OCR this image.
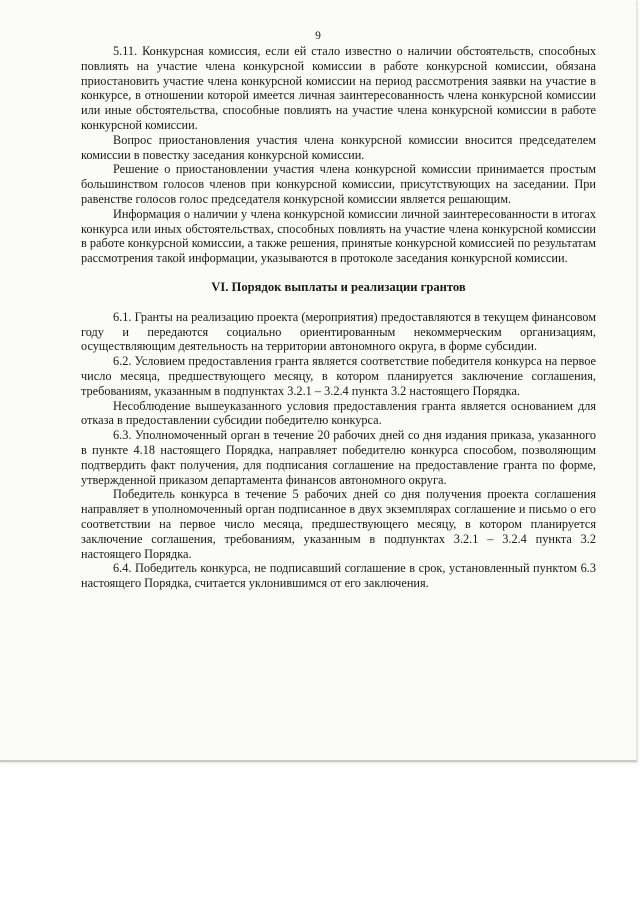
9

5.11. Конкурсная комиссия, если ей стало известно о наличии обстоятельств, способных повлиять на участие члена конкурсной комиссии в работе конкурсной комиссии, обязана приостановить участие члена конкурсной комиссии на период рассмотрения заявки на участие в конкурсе, в отношении которой имеется личная заинтересованность члена конкурсной комиссии или иные обстоятельства, способные повлиять на участие члена конкурсной комиссии в работе конкурсной комиссии.

Вопрос приостановления участия члена конкурсной комиссии вносится председателем комиссии в повестку заседания конкурсной комиссии.

Решение о приостановлении участия члена конкурсной комиссии принимается простым большинством голосов членов при конкурсной комиссии, присутствующих на заседании. При равенстве голосов голос председателя конкурсной комиссии является решающим.

Информация о наличии у члена конкурсной комиссии личной заинтересованности в итогах конкурса или иных обстоятельствах, способных повлиять на участие члена конкурсной комиссии в работе конкурсной комиссии, а также решения, принятые конкурсной комиссией по результатам рассмотрения такой информации, указываются в протоколе заседания конкурсной комиссии.

VI. Порядок выплаты и реализации грантов

6.1. Гранты на реализацию проекта (мероприятия) предоставляются в текущем финансовом году и передаются социально ориентированным некоммерческим организациям, осуществляющим деятельность на территории автономного округа, в форме субсидии.

6.2. Условием предоставления гранта является соответствие победителя конкурса на первое число месяца, предшествующего месяцу, в котором планируется заключение соглашения, требованиям, указанным в подпунктах 3.2.1 – 3.2.4 пункта 3.2 настоящего Порядка.

Несоблюдение вышеуказанного условия предоставления гранта является основанием для отказа в предоставлении субсидии победителю конкурса.

6.3. Уполномоченный орган в течение 20 рабочих дней со дня издания приказа, указанного в пункте 4.18 настоящего Порядка, направляет победителю конкурса способом, позволяющим подтвердить факт получения, для подписания соглашение на предоставление гранта по форме, утвержденной приказом департамента финансов автономного округа.

Победитель конкурса в течение 5 рабочих дней со дня получения проекта соглашения направляет в уполномоченный орган подписанное в двух экземплярах соглашение и письмо о его соответствии на первое число месяца, предшествующего месяцу, в котором планируется заключение соглашения, требованиям, указанным в подпунктах 3.2.1 – 3.2.4 пункта 3.2 настоящего Порядка.

6.4. Победитель конкурса, не подписавший соглашение в срок, установленный пунктом 6.3 настоящего Порядка, считается уклонившимся от его заключения.
